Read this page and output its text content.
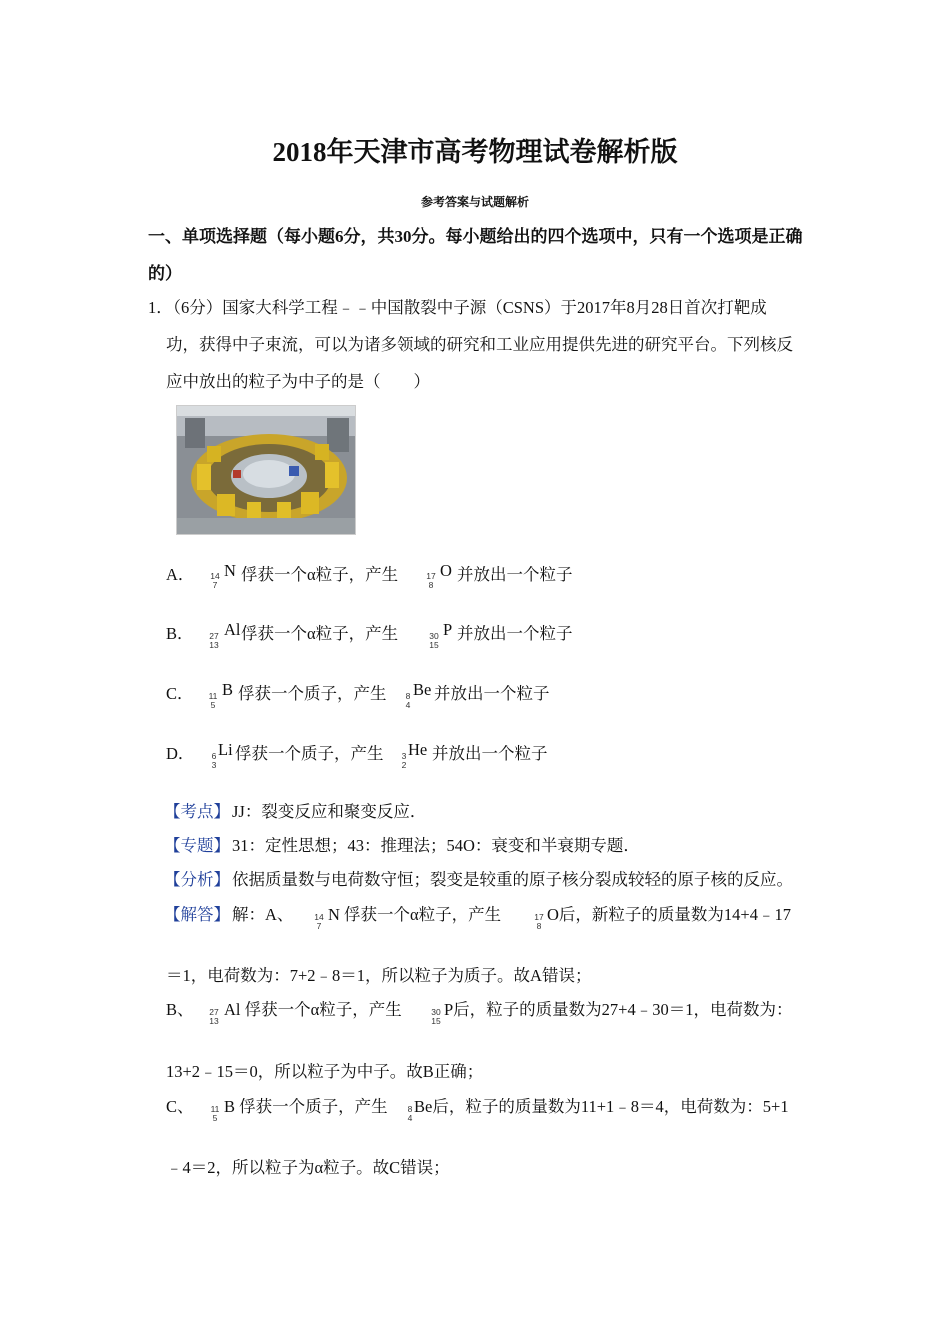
2018年天津市高考物理试卷解析版
参考答案与试题解析
一、单项选择题（每小题6分，共30分。每小题给出的四个选项中，只有一个选项是正确
的）
1．（6分）国家大科学工程﹣﹣中国散裂中子源（CSNS）于2017年8月28日首次打靶成
功，获得中子束流，可以为诸多领域的研究和工业应用提供先进的研究平台。下列核反
应中放出的粒子为中子的是（　　）
A． 14
7
N 俘获一个α粒子，产生	17
8
O 并放出一个粒子
B．	27
13
Al 俘获一个α粒子，产生	30
15
P 并放出一个粒子
C．	11
5
B 俘获一个质子，产生	8
4
Be 并放出一个粒子
D．	6
3
Li 俘获一个质子，产生	3
2
He 并放出一个粒子
【考点】 JJ：裂变反应和聚变反应．
【专题】 31：定性思想；43：推理法；54O：衰变和半衰期专题．
【分析】 依据质量数与电荷数守恒；裂变是较重的原子核分裂成较轻的原子核的反应。
【解答】 解：A、 14
7
N 俘获一个α粒子，产生	17
8
O后，新粒子的质量数为14+4﹣17
＝1，电荷数为：7+2﹣8＝1，所以粒子为质子。故A错误；
B、	27
13
Al 俘获一个α粒子，产生	30
15
P后，粒子的质量数为27+4﹣30＝1，电荷数为：
13+2﹣15＝0，所以粒子为中子。故B正确；
C、	11
5
B 俘获一个质子，产生	8
4
Be后，粒子的质量数为11+1﹣8＝4，电荷数为：5+1
﹣4＝2，所以粒子为α粒子。故C错误；
